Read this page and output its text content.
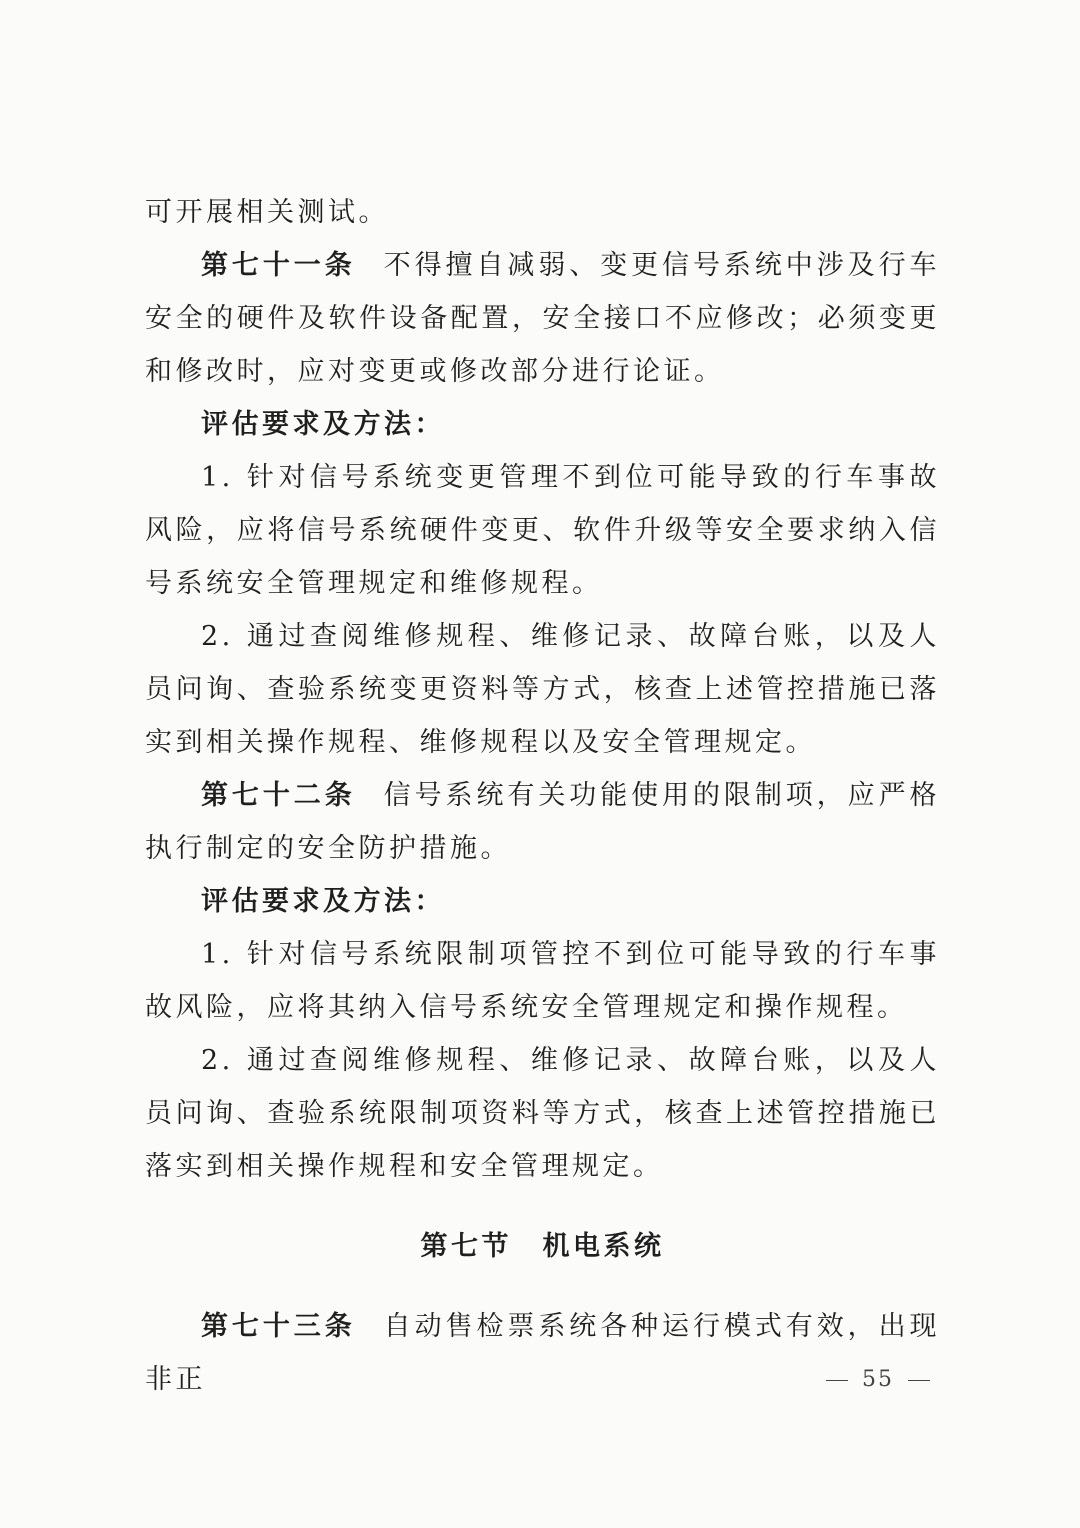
可开展相关测试。

第七十一条 不得擅自减弱、变更信号系统中涉及行车安全的硬件及软件设备配置，安全接口不应修改；必须变更和修改时，应对变更或修改部分进行论证。

评估要求及方法：

1. 针对信号系统变更管理不到位可能导致的行车事故风险，应将信号系统硬件变更、软件升级等安全要求纳入信号系统安全管理规定和维修规程。

2. 通过查阅维修规程、维修记录、故障台账，以及人员问询、查验系统变更资料等方式，核查上述管控措施已落实到相关操作规程、维修规程以及安全管理规定。

第七十二条 信号系统有关功能使用的限制项，应严格执行制定的安全防护措施。

评估要求及方法：

1. 针对信号系统限制项管控不到位可能导致的行车事故风险，应将其纳入信号系统安全管理规定和操作规程。

2. 通过查阅维修规程、维修记录、故障台账，以及人员问询、查验系统限制项资料等方式，核查上述管控措施已落实到相关操作规程和安全管理规定。

第七节　机电系统

第七十三条 自动售检票系统各种运行模式有效，出现非正	55
